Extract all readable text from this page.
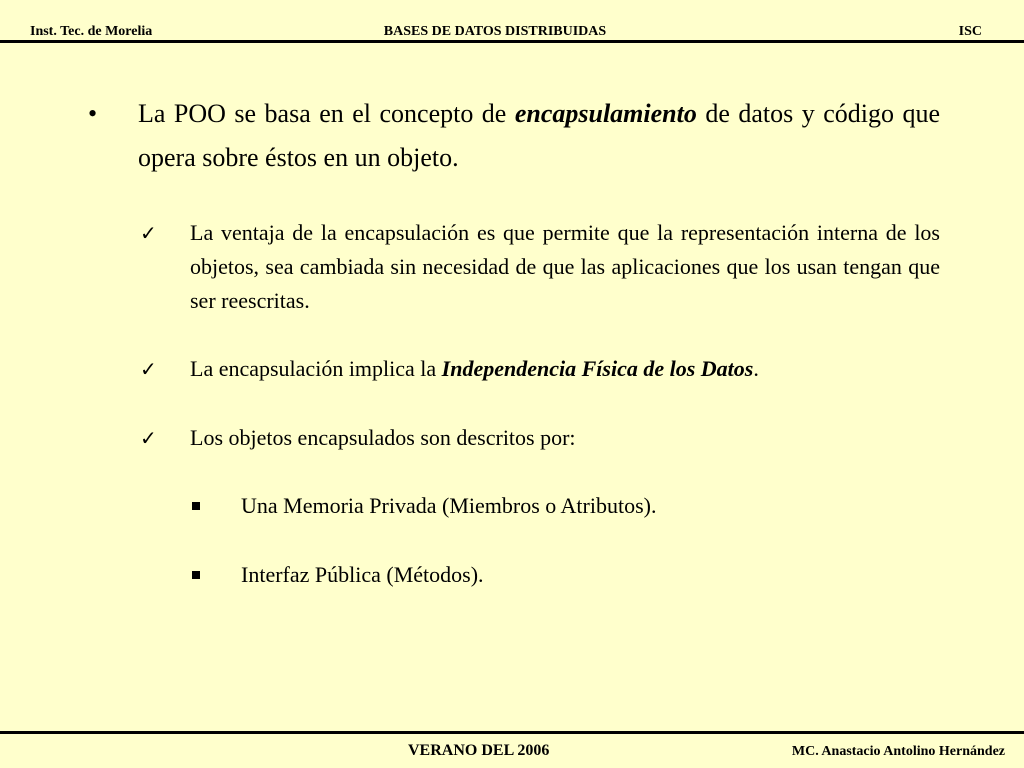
Inst. Tec. de Morelia	BASES DE DATOS DISTRIBUIDAS	ISC
• La POO se basa en el concepto de encapsulamiento de datos y código que opera sobre éstos en un objeto.
✓ La ventaja de la encapsulación es que permite que la representación interna de los objetos, sea cambiada sin necesidad de que las aplicaciones que los usan tengan que ser reescritas.
✓ La encapsulación implica la Independencia Física de los Datos.
✓ Los objetos encapsulados son descritos por:
Una Memoria Privada (Miembros o Atributos).
Interfaz Pública (Métodos).
VERANO DEL 2006	MC. Anastacio Antolino Hernández
